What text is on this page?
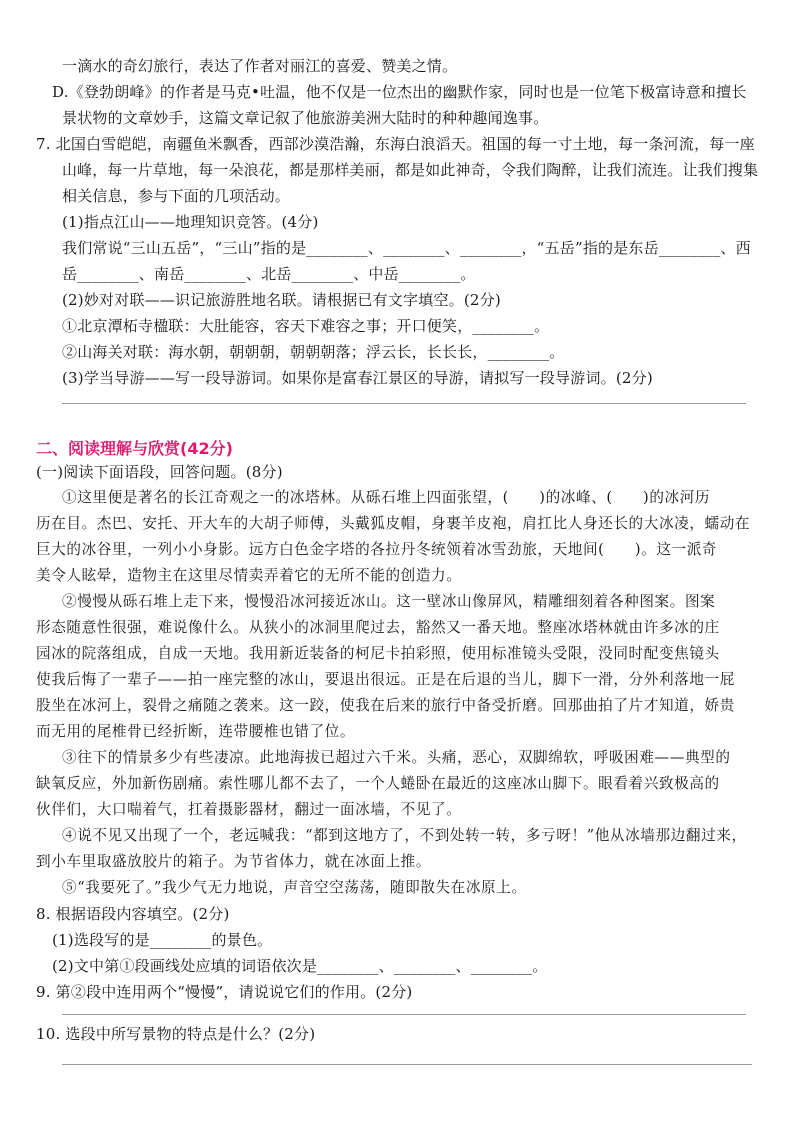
一滴水的奇幻旅行，表达了作者对丽江的喜爱、赞美之情。
D.《登勃朗峰》的作者是马克•吐温，他不仅是一位杰出的幽默作家，同时也是一位笔下极富诗意和擅长
景状物的文章妙手，这篇文章记叙了他旅游美洲大陆时的种种趣闻逸事。
7. 北国白雪皑皑，南疆鱼米飘香，西部沙漠浩瀚，东海白浪滔天。祖国的每一寸土地，每一条河流，每一座
山峰，每一片草地，每一朵浪花，都是那样美丽，都是如此神奇，令我们陶醉，让我们流连。让我们搜集
相关信息，参与下面的几项活动。
(1)指点江山——地理知识竞答。(4分)
我们常说“三山五岳”，“三山”指的是________、________、________，“五岳”指的是东岳________、西
岳________、南岳________、北岳________、中岳________。
(2)妙对对联——识记旅游胜地名联。请根据已有文字填空。(2分)
①北京潭柘寺楹联：大肚能容，容天下难容之事；开口便笑，________。
②山海关对联：海水朝，朝朝朝，朝朝朝落；浮云长，长长长，________。
(3)学当导游——写一段导游词。如果你是富春江景区的导游，请拟写一段导游词。(2分)
二、阅读理解与欣赏(42分)
(一)阅读下面语段，回答问题。(8分)
①这里便是著名的长江奇观之一的冰塔林。从砾石堆上四面张望，(　　)的冰峰、(　　)的冰河历
历在目。杰巴、安托、开大车的大胡子师傅，头戴狐皮帽，身裹羊皮袍，肩扛比人身还长的大冰凌，蠕动在
巨大的冰谷里，一列小小身影。远方白色金字塔的各拉丹冬统领着冰雪劲旅，天地间(　　)。这一派奇
美令人眩晕，造物主在这里尽情卖弄着它的无所不能的创造力。
②慢慢从砾石堆上走下来，慢慢沿冰河接近冰山。这一壁冰山像屏风，精雕细刻着各种图案。图案
形态随意性很强，难说像什么。从狭小的冰洞里爬过去，豁然又一番天地。整座冰塔林就由许多冰的庄
园冰的院落组成，自成一天地。我用新近装备的柯尼卡拍彩照，使用标准镜头受限，没同时配变焦镜头
使我后悔了一辈子——拍一座完整的冰山，要退出很远。正是在后退的当儿，脚下一滑，分外利落地一屁
股坐在冰河上，裂骨之痛随之袭来。这一跤，使我在后来的旅行中备受折磨。回那曲拍了片才知道，娇贵
而无用的尾椎骨已经折断，连带腰椎也错了位。
③往下的情景多少有些凄凉。此地海拔已超过六千米。头痛，恶心，双脚绵软，呼吸困难——典型的
缺氧反应，外加新伤剧痛。索性哪儿都不去了，一个人蜷卧在最近的这座冰山脚下。眼看着兴致极高的
伙伴们，大口喘着气，扛着摄影器材，翻过一面冰墙，不见了。
④说不见又出现了一个，老远喊我：“都到这地方了，不到处转一转，多亏呀！”他从冰墙那边翻过来，
到小车里取盛放胶片的箱子。为节省体力，就在冰面上推。
⑤“我要死了。”我少气无力地说，声音空空荡荡，随即散失在冰原上。
8. 根据语段内容填空。(2分)
(1)选段写的是________的景色。
(2)文中第①段画线处应填的词语依次是________、________、________。
9. 第②段中连用两个“慢慢”，请说说它们的作用。(2分)
10. 选段中所写景物的特点是什么？(2分)
